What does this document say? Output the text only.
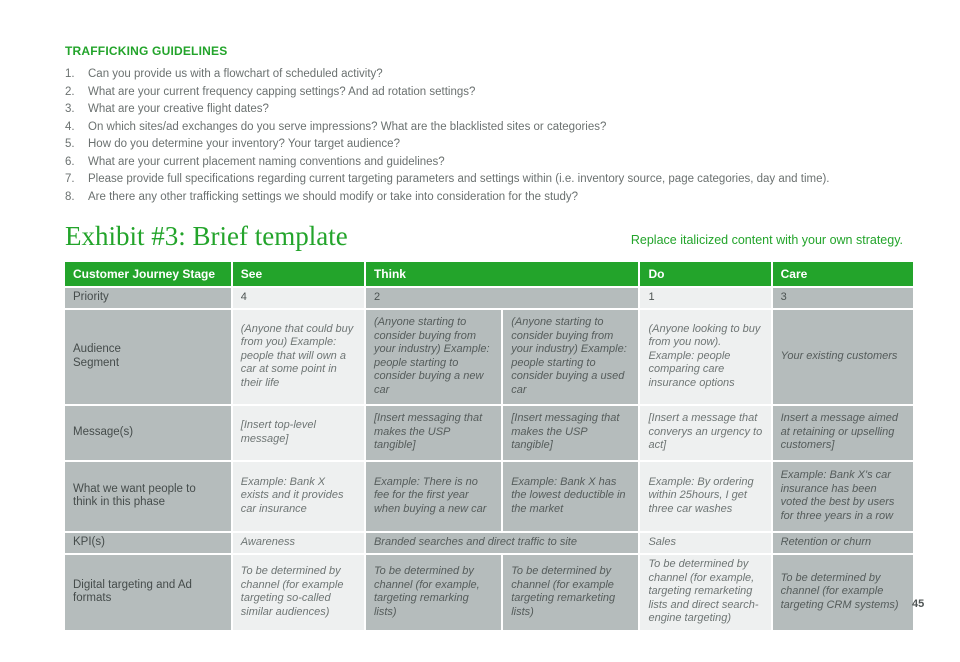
TRAFFICKING GUIDELINES
1.	Can you provide us with a flowchart of scheduled activity?
2.	What are your current frequency capping settings? And ad rotation settings?
3.	What are your creative flight dates?
4.	On which sites/ad exchanges do you serve impressions? What are the blacklisted sites or categories?
5.	How do you determine your inventory? Your target audience?
6.	What are your current placement naming conventions and guidelines?
7.	Please provide full specifications regarding current targeting parameters and settings within (i.e. inventory source, page categories, day and time).
8.	Are there any other trafficking settings we should modify or take into consideration for the study?
Exhibit #3: Brief template	Replace italicized content with your own strategy.
Customer Journey Stage	See	Think		Do	Care
Priority	4	2		1	3
Audience Segment	(Anyone that could buy from you) Example: people that will own a car at some point in their life	(Anyone starting to consider buying from your industry) Example: people starting to consider buying a new car	(Anyone starting to consider buying from your industry) Example: people starting to consider buying a used car	(Anyone looking to buy from you now). Example: people comparing care insurance options	Your existing customers
Message(s)	[Insert top-level message]	[Insert messaging that makes the USP tangible]	[Insert messaging that makes the USP tangible]	[Insert a message that converys an urgency to act]	Insert a message aimed at retaining or upselling customers]
What we want people to think in this phase	Example: Bank X exists and it provides car insurance	Example: There is no fee for the first year when buying a new car	Example: Bank X has the lowest deductible in the market	Example: By ordering within 25hours, I get three car washes	Example: Bank X's car insurance has been voted the best by users for three years in a row
KPI(s)	Awareness	Branded searches and direct traffic to site		Sales	Retention or churn
Digital targeting and Ad formats	To be determined by channel (for example targeting so-called similar audiences)	To be determined by channel (for example, targeting remarking lists)	To be determined by channel (for example targeting remarketing lists)	To be determined by channel (for example, targeting remarketing lists and direct search-engine targeting)	To be determined by channel (for example targeting CRM systems) 45
